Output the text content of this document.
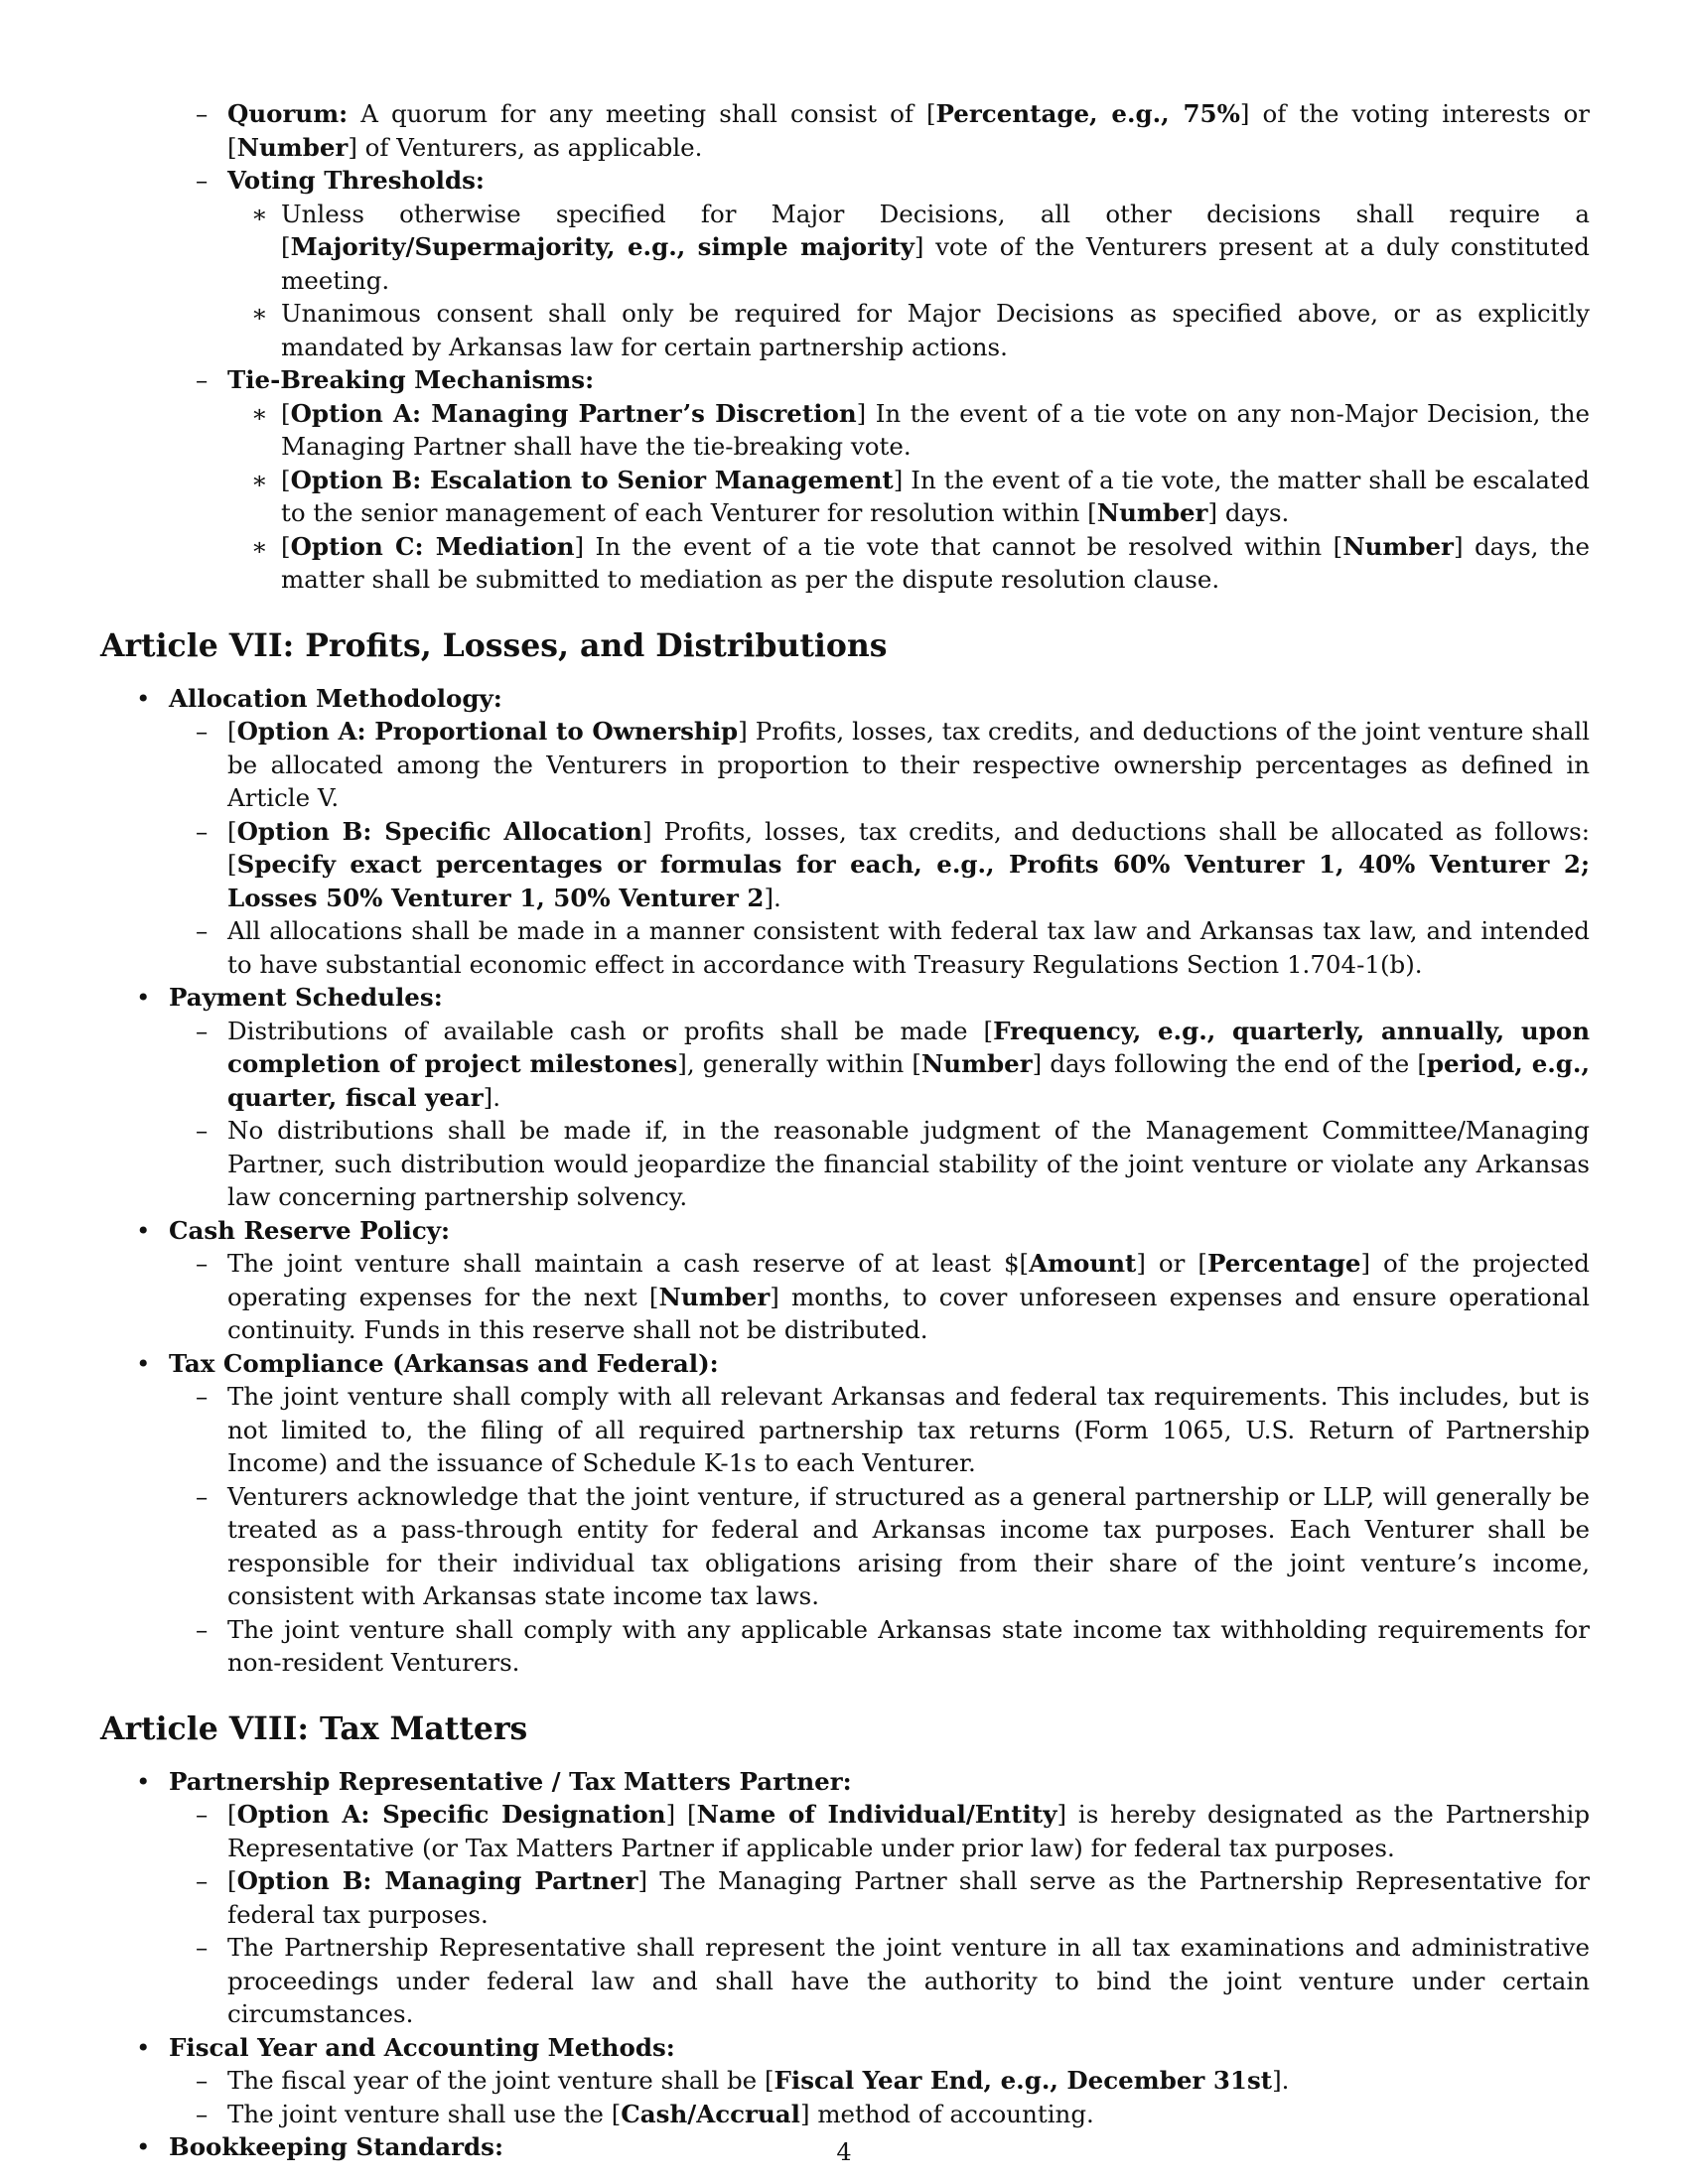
– Quorum: A quorum for any meeting shall consist of [Percentage, e.g., 75%] of the voting interests or [Number] of Venturers, as applicable.
– Voting Thresholds:
∗ Unless otherwise specified for Major Decisions, all other decisions shall require a [Majority/Supermajority, e.g., simple majority] vote of the Venturers present at a duly constituted meeting.
∗ Unanimous consent shall only be required for Major Decisions as specified above, or as explicitly mandated by Arkansas law for certain partnership actions.
– Tie-Breaking Mechanisms:
∗ [Option A: Managing Partner’s Discretion] In the event of a tie vote on any non-Major Decision, the Managing Partner shall have the tie-breaking vote.
∗ [Option B: Escalation to Senior Management] In the event of a tie vote, the matter shall be escalated to the senior management of each Venturer for resolution within [Number] days.
∗ [Option C: Mediation] In the event of a tie vote that cannot be resolved within [Number] days, the matter shall be submitted to mediation as per the dispute resolution clause.
Article VII: Profits, Losses, and Distributions
• Allocation Methodology:
– [Option A: Proportional to Ownership] Profits, losses, tax credits, and deductions of the joint venture shall be allocated among the Venturers in proportion to their respective ownership percentages as defined in Article V.
– [Option B: Specific Allocation] Profits, losses, tax credits, and deductions shall be allocated as follows: [Specify exact percentages or formulas for each, e.g., Profits 60% Venturer 1, 40% Venturer 2; Losses 50% Venturer 1, 50% Venturer 2].
– All allocations shall be made in a manner consistent with federal tax law and Arkansas tax law, and intended to have substantial economic effect in accordance with Treasury Regulations Section 1.704-1(b).
• Payment Schedules:
– Distributions of available cash or profits shall be made [Frequency, e.g., quarterly, annually, upon completion of project milestones], generally within [Number] days following the end of the [period, e.g., quarter, fiscal year].
– No distributions shall be made if, in the reasonable judgment of the Management Committee/Managing Partner, such distribution would jeopardize the financial stability of the joint venture or violate any Arkansas law concerning partnership solvency.
• Cash Reserve Policy:
– The joint venture shall maintain a cash reserve of at least $[Amount] or [Percentage] of the projected operating expenses for the next [Number] months, to cover unforeseen expenses and ensure operational continuity. Funds in this reserve shall not be distributed.
• Tax Compliance (Arkansas and Federal):
– The joint venture shall comply with all relevant Arkansas and federal tax requirements. This includes, but is not limited to, the filing of all required partnership tax returns (Form 1065, U.S. Return of Partnership Income) and the issuance of Schedule K-1s to each Venturer.
– Venturers acknowledge that the joint venture, if structured as a general partnership or LLP, will generally be treated as a pass-through entity for federal and Arkansas income tax purposes. Each Venturer shall be responsible for their individual tax obligations arising from their share of the joint venture’s income, consistent with Arkansas state income tax laws.
– The joint venture shall comply with any applicable Arkansas state income tax withholding requirements for non-resident Venturers.
Article VIII: Tax Matters
• Partnership Representative / Tax Matters Partner:
– [Option A: Specific Designation] [Name of Individual/Entity] is hereby designated as the Partnership Representative (or Tax Matters Partner if applicable under prior law) for federal tax purposes.
– [Option B: Managing Partner] The Managing Partner shall serve as the Partnership Representative for federal tax purposes.
– The Partnership Representative shall represent the joint venture in all tax examinations and administrative proceedings under federal law and shall have the authority to bind the joint venture under certain circumstances.
• Fiscal Year and Accounting Methods:
– The fiscal year of the joint venture shall be [Fiscal Year End, e.g., December 31st].
– The joint venture shall use the [Cash/Accrual] method of accounting.
• Bookkeeping Standards:	4
